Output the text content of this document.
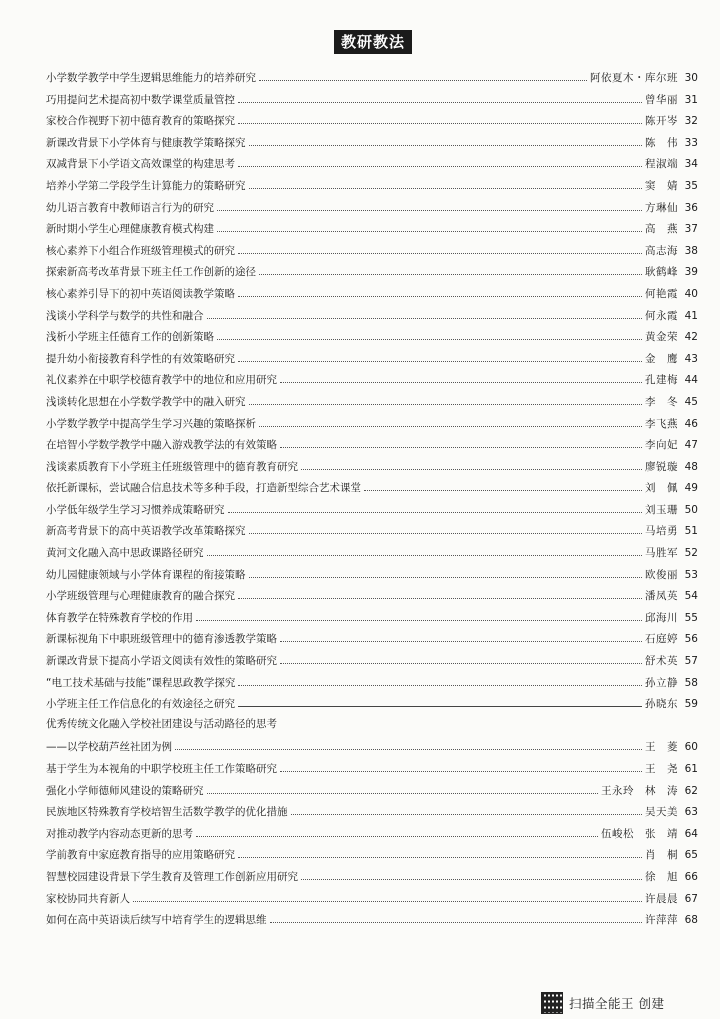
教研教法
小学数学教学中学生逻辑思维能力的培养研究	阿依夏木・库尔班 30
巧用提问艺术提高初中数学课堂质量管控	曾华丽 31
家校合作视野下初中德育教育的策略探究	陈开岑 32
新课改背景下小学体育与健康教学策略探究	陈　伟 33
双减背景下小学语文高效课堂的构建思考	程淑端 34
培养小学第二学段学生计算能力的策略研究	窦　婧 35
幼儿语言教育中教师语言行为的研究	方琳仙 36
新时期小学生心理健康教育模式构建	高　燕 37
核心素养下小组合作班级管理模式的研究	高志海 38
探索新高考改革背景下班主任工作创新的途径	耿鹤峰 39
核心素养引导下的初中英语阅读教学策略	何艳霞 40
浅谈小学科学与数学的共性和融合	何永霞 41
浅析小学班主任德育工作的创新策略	黄金荣 42
提升幼小衔接教育科学性的有效策略研究	金　鹰 43
礼仪素养在中职学校德育教学中的地位和应用研究	孔建梅 44
浅谈转化思想在小学数学教学中的融入研究	李　冬 45
小学数学教学中提高学生学习兴趣的策略探析	李飞燕 46
在培智小学数学教学中融入游戏教学法的有效策略	李向妃 47
浅谈素质教育下小学班主任班级管理中的德育教育研究	廖锐璇 48
依托新课标，尝试融合信息技术等多种手段，打造新型综合艺术课堂	刘　佩 49
小学低年级学生学习习惯养成策略研究	刘玉珊 50
新高考背景下的高中英语教学改革策略探究	马培勇 51
黄河文化融入高中思政课路径研究	马胜军 52
幼儿园健康领域与小学体育课程的衔接策略	欧俊丽 53
小学班级管理与心理健康教育的融合探究	潘凤英 54
体育教学在特殊教育学校的作用	邱海川 55
新课标视角下中职班级管理中的德育渗透教学策略	石庭婷 56
新课改背景下提高小学语文阅读有效性的策略研究	舒术英 57
“电工技术基础与技能”课程思政教学探究	孙立静 58
小学班主任工作信息化的有效途径之研究	孙晓东 59
优秀传统文化融入学校社团建设与活动路径的思考
——以学校葫芦丝社团为例	王　菱 60
基于学生为本视角的中职学校班主任工作策略研究	王　尧 61
强化小学师德师风建设的策略研究	王永玲　林　涛 62
民族地区特殊教育学校培智生活数学教学的优化措施	吴天美 63
对推动教学内容动态更新的思考	伍峻松　张　靖 64
学前教育中家庭教育指导的应用策略研究	肖　桐 65
智慧校园建设背景下学生教育及管理工作创新应用研究	徐　旭 66
家校协同共育新人	许晨晨 67
如何在高中英语读后续写中培育学生的逻辑思维	许萍萍 68
扫描全能王 创建
